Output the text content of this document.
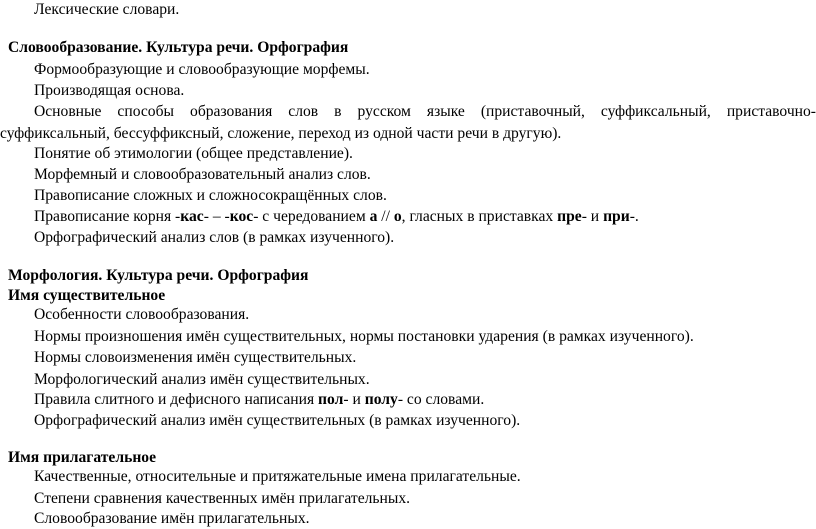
Лексические словари.
Словообразование. Культура речи. Орфография
Формообразующие и словообразующие морфемы.
Производящая основа.
Основные способы образования слов в русском языке (приставочный, суффиксальный, приставочно-суффиксальный, бессуффиксный, сложение, переход из одной части речи в другую).
Понятие об этимологии (общее представление).
Морфемный и словообразовательный анализ слов.
Правописание сложных и сложносокращённых слов.
Правописание корня -кас- – -кос- с чередованием а // о, гласных в приставках пре- и при-.
Орфографический анализ слов (в рамках изученного).
Морфология. Культура речи. Орфография
Имя существительное
Особенности словообразования.
Нормы произношения имён существительных, нормы постановки ударения (в рамках изученного).
Нормы словоизменения имён существительных.
Морфологический анализ имён существительных.
Правила слитного и дефисного написания пол- и полу- со словами.
Орфографический анализ имён существительных (в рамках изученного).
Имя прилагательное
Качественные, относительные и притяжательные имена прилагательные.
Степени сравнения качественных имён прилагательных.
Словообразование имён прилагательных.
